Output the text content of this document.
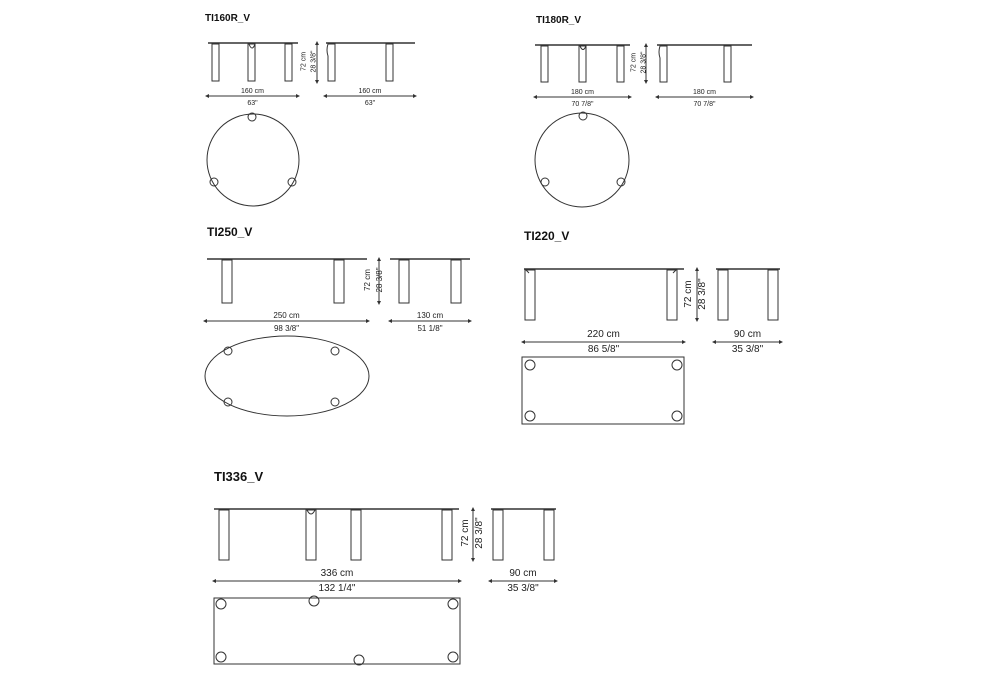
TI160R_V	TI180R_V
TI250_V	TI220_V
TI336_V
160 cm
63"
160 cm
63"
72 cm 28 3/8"
180 cm
70 7/8"
180 cm
70 7/8"
72 cm 28 3/8"
250 cm
98 3/8"
130 cm
51 1/8"
72 cm 28 3/8"
220 cm
86 5/8"
90 cm
35 3/8"
72 cm 28 3/8"
336 cm
132 1/4"
90 cm
35 3/8"
72 cm 28 3/8"
